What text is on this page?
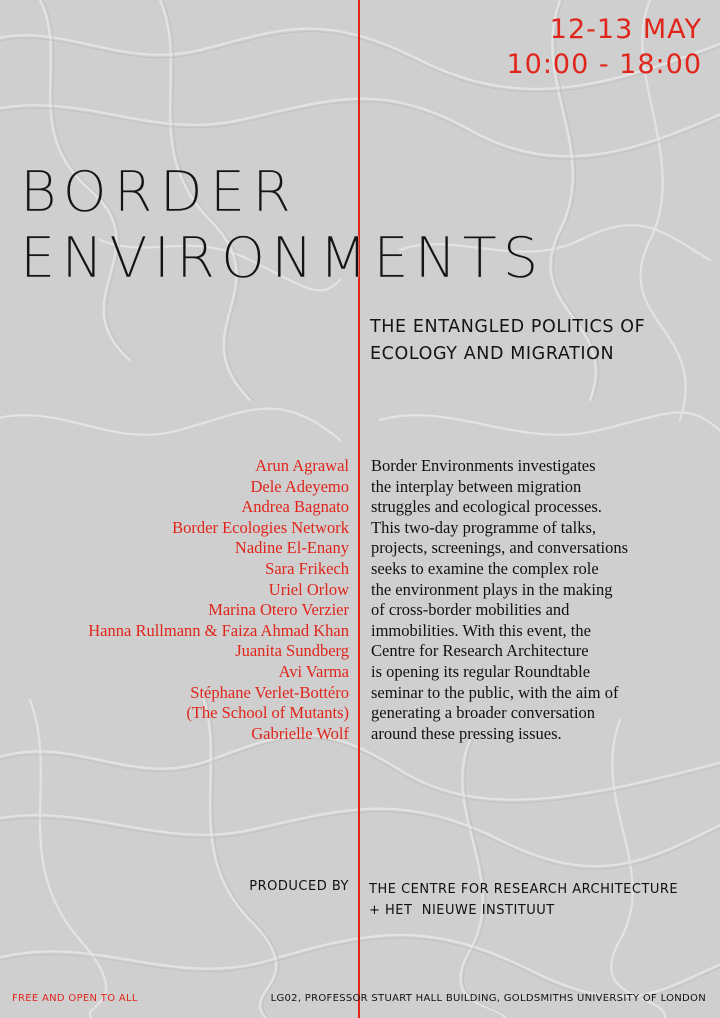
12-13 MAY
10:00 - 18:00
BORDER
ENVIRONMENTS
THE ENTANGLED POLITICS OF
ECOLOGY AND MIGRATION
Arun Agrawal
Dele Adeyemo
Andrea Bagnato
Border Ecologies Network
Nadine El-Enany
Sara Frikech
Uriel Orlow
Marina Otero Verzier
Hanna Rullmann & Faiza Ahmad Khan
Juanita Sundberg
Avi Varma
Stéphane Verlet-Bottéro
(The School of Mutants)
Gabrielle Wolf
Border Environments investigates
the interplay between migration
struggles and ecological processes.
This two-day programme of talks,
projects, screenings, and conversations
seeks to examine the complex role
the environment plays in the making
of cross-border mobilities and
immobilities. With this event, the
Centre for Research Architecture
is opening its regular Roundtable
seminar to the public, with the aim of
generating a broader conversation
around these pressing issues.
PRODUCED BY THE CENTRE FOR RESEARCH ARCHITECTURE
+ HET  NIEUWE INSTITUUT
FREE AND OPEN TO ALL	LG02, PROFESSOR STUART HALL BUILDING, GOLDSMITHS UNIVERSITY OF LONDON
